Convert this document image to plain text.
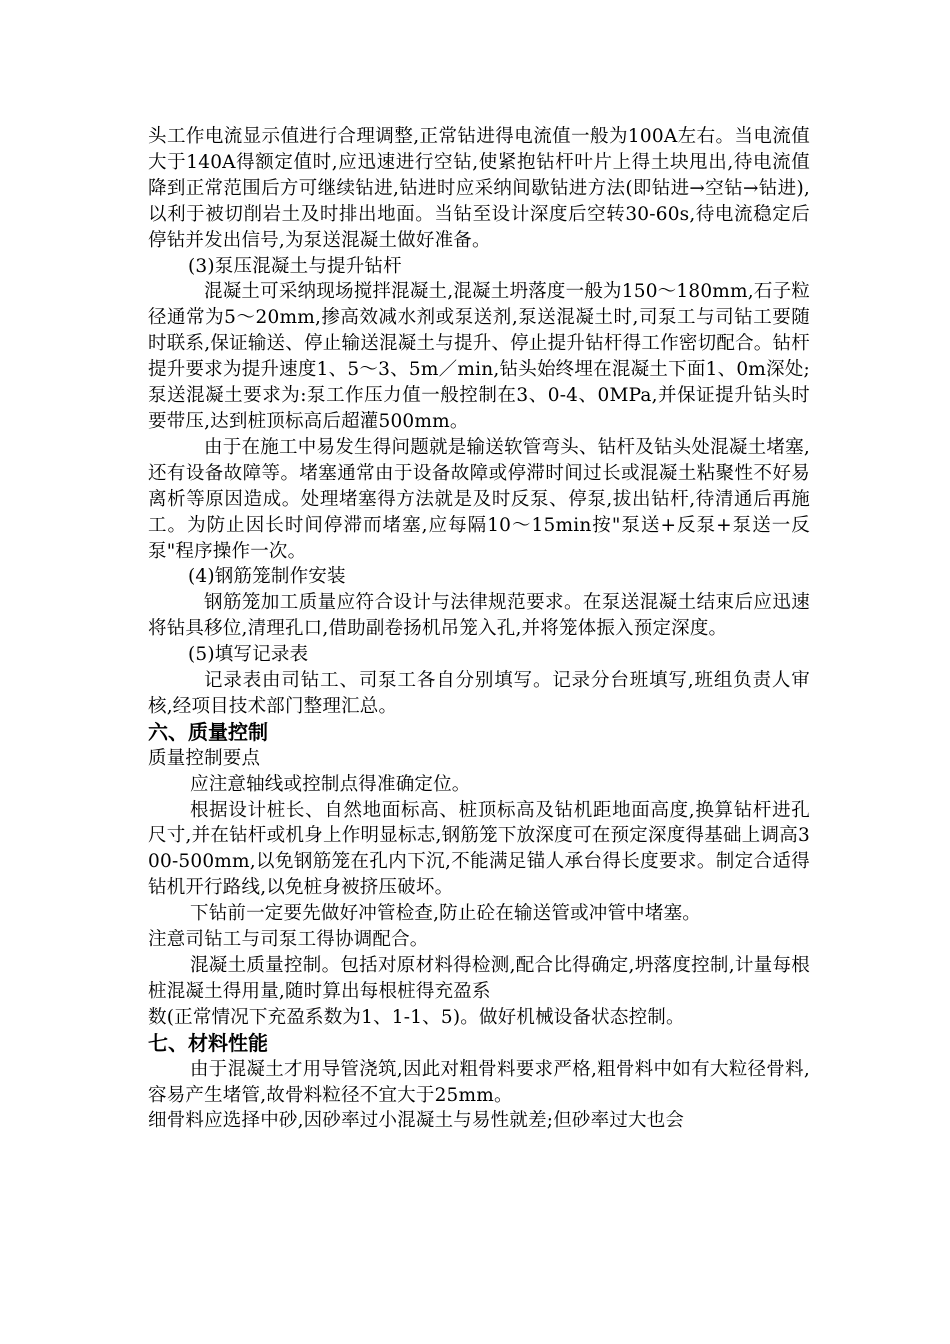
头工作电流显示值进行合理调整,正常钻进得电流值一般为100A左右。当电流值大于140A得额定值时,应迅速进行空钻,使紧抱钻杆叶片上得土块甩出,待电流值降到正常范围后方可继续钻进,钻进时应采纳间歇钻进方法(即钻进→空钻→钻进),以利于被切削岩土及时排出地面。当钻至设计深度后空转30-60s,待电流稳定后停钻并发出信号,为泵送混凝土做好准备。

(3)泵压混凝土与提升钻杆

混凝土可采纳现场搅拌混凝土,混凝土坍落度一般为150～180mm,石子粒径通常为5～20mm,掺高效减水剂或泵送剂,泵送混凝土时,司泵工与司钻工要随时联系,保证输送、停止输送混凝土与提升、停止提升钻杆得工作密切配合。钻杆提升要求为提升速度1、5～3、5m／min,钻头始终埋在混凝土下面1、0m深处;泵送混凝土要求为:泵工作压力值一般控制在3、0-4、0MPa,并保证提升钻头时要带压,达到桩顶标高后超灌500mm。

由于在施工中易发生得问题就是输送软管弯头、钻杆及钻头处混凝土堵塞,还有设备故障等。堵塞通常由于设备故障或停滞时间过长或混凝土粘聚性不好易离析等原因造成。处理堵塞得方法就是及时反泵、停泵,拔出钻杆,待清通后再施工。为防止因长时间停滞而堵塞,应每隔10～15min按"泵送+反泵+泵送一反泵"程序操作一次。

(4)钢筋笼制作安装

钢筋笼加工质量应符合设计与法律规范要求。在泵送混凝土结束后应迅速将钻具移位,清理孔口,借助副卷扬机吊笼入孔,并将笼体振入预定深度。

(5)填写记录表

记录表由司钻工、司泵工各自分别填写。记录分台班填写,班组负责人审核,经项目技术部门整理汇总。

六、质量控制

质量控制要点

应注意轴线或控制点得准确定位。

根据设计桩长、自然地面标高、桩顶标高及钻机距地面高度,换算钻杆进孔尺寸,并在钻杆或机身上作明显标志,钢筋笼下放深度可在预定深度得基础上调高300-500mm,以免钢筋笼在孔内下沉,不能满足锚人承台得长度要求。制定合适得钻机开行路线,以免桩身被挤压破坏。

下钻前一定要先做好冲管检查,防止砼在输送管或冲管中堵塞。

注意司钻工与司泵工得协调配合。

混凝土质量控制。包括对原材料得检测,配合比得确定,坍落度控制,计量每根桩混凝土得用量,随时算出每根桩得充盈系

数(正常情况下充盈系数为1、1-1、5)。做好机械设备状态控制。

七、材料性能

由于混凝土才用导管浇筑,因此对粗骨料要求严格,粗骨料中如有大粒径骨料,容易产生堵管,故骨料粒径不宜大于25mm。

细骨料应选择中砂,因砂率过小混凝土与易性就差;但砂率过大也会
